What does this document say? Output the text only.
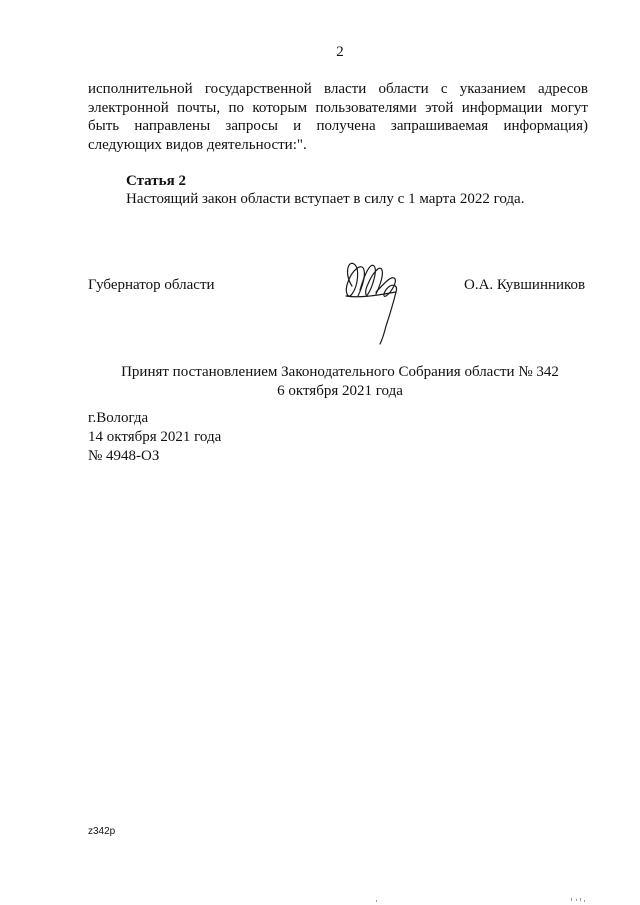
2
исполнительной государственной власти области с указанием адресов
электронной почты, по которым пользователями этой информации могут
быть направлены запросы и получена запрашиваемая информация)
следующих видов деятельности:".
Статья 2
Настоящий закон области вступает в силу с 1 марта 2022 года.
Губернатор области	О.А. Кувшинников
Принят постановлением Законодательного Собрания области № 342
6 октября 2021 года
г.Вологда
14 октября 2021 года
№ 4948-ОЗ
z342p
